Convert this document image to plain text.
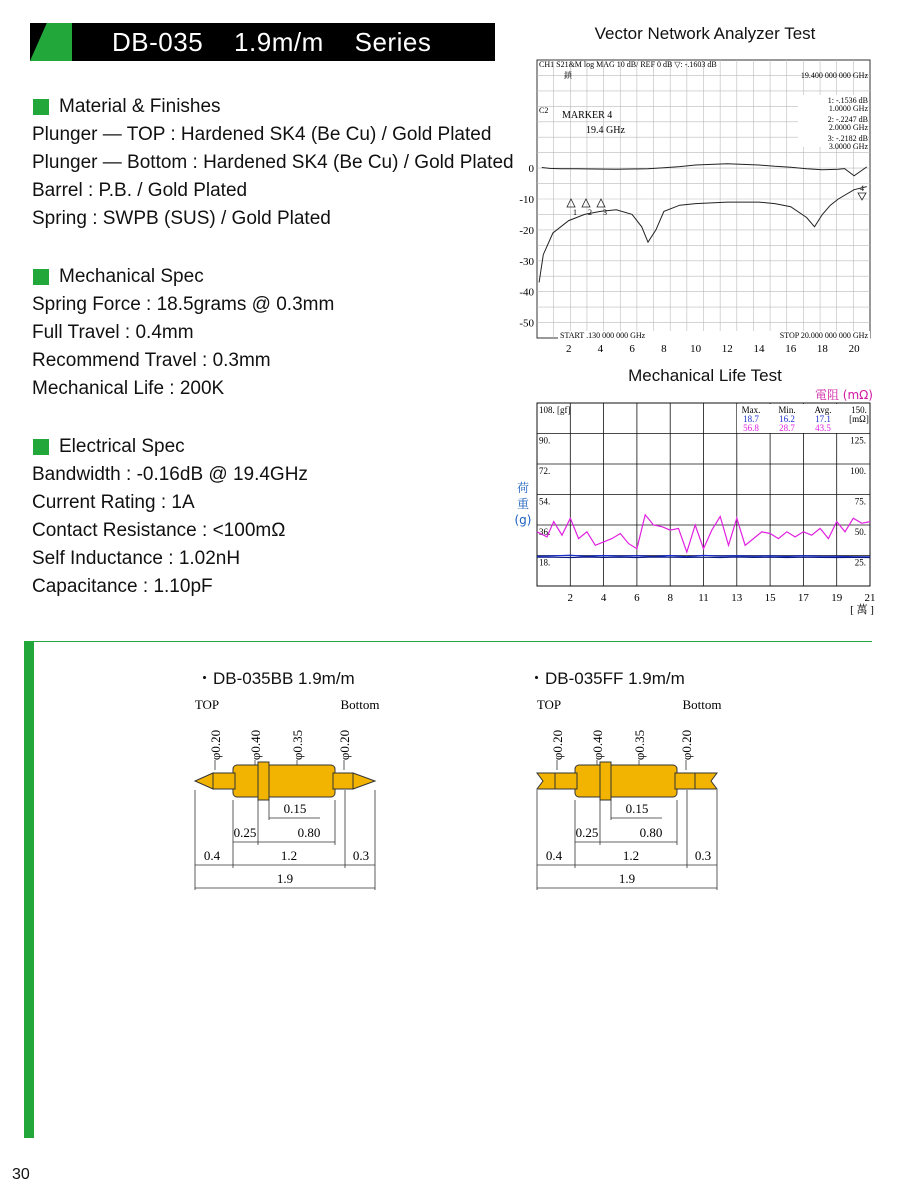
DB-035    1.9m/m    Series
Material & Finishes
Plunger — TOP : Hardened SK4 (Be Cu) / Gold Plated
Plunger — Bottom : Hardened SK4 (Be Cu) / Gold Plated
Barrel : P.B. / Gold Plated
Spring : SWPB (SUS) / Gold Plated
Mechanical Spec
Spring Force : 18.5grams @ 0.3mm
Full Travel : 0.4mm
Recommend Travel : 0.3mm
Mechanical Life : 200K
Electrical Spec
Bandwidth : -0.16dB @ 19.4GHz
Current Rating : 1A
Contact Resistance : <100mΩ
Self Inductance : 1.02nH
Capacitance : 1.10pF
Vector Network Analyzer Test
CH1 S21&M log MAG 10 dB/ REF 0 dB ▽: -.1603 dB
19.400 000 000 GHz
鎖
C2 MARKER 4
19.4 GHz
1: -.1536 dB
1.0000 GHz
2: -.2247 dB
2.0000 GHz
3: -.2182 dB
3.0000 GHz
START .130 000 000 GHz	STOP 20.000 000 000 GHz
1 2 3
4
2 4 6 8 10 12 14 16 18 20
0
-10
-20
-30
-40
-50
Mechanical Life Test
電阻 (mΩ)
荷
重
(g)
Max. Min. Avg.
18.7 16.2 17.1
56.8 28.7 43.5
150.
[mΩ]
108. [gf]
90.
72.
54.
36.
18.
125.
100.
75.
50.
25.
2	4	6	8 11 13 15 17 19 21
[ 萬 ]
・DB-035BB 1.9m/m	・DB-035FF 1.9m/m
TOP	Bottom
φ0.20 φ0.40 φ0.35 φ0.20
0.15
0.25	0.80
0.4	1.2	0.3
1.9
TOP	Bottom
φ0.20 φ0.40 φ0.35 φ0.20
0.15
0.25	0.80
0.4	1.2	0.3
1.9
30
